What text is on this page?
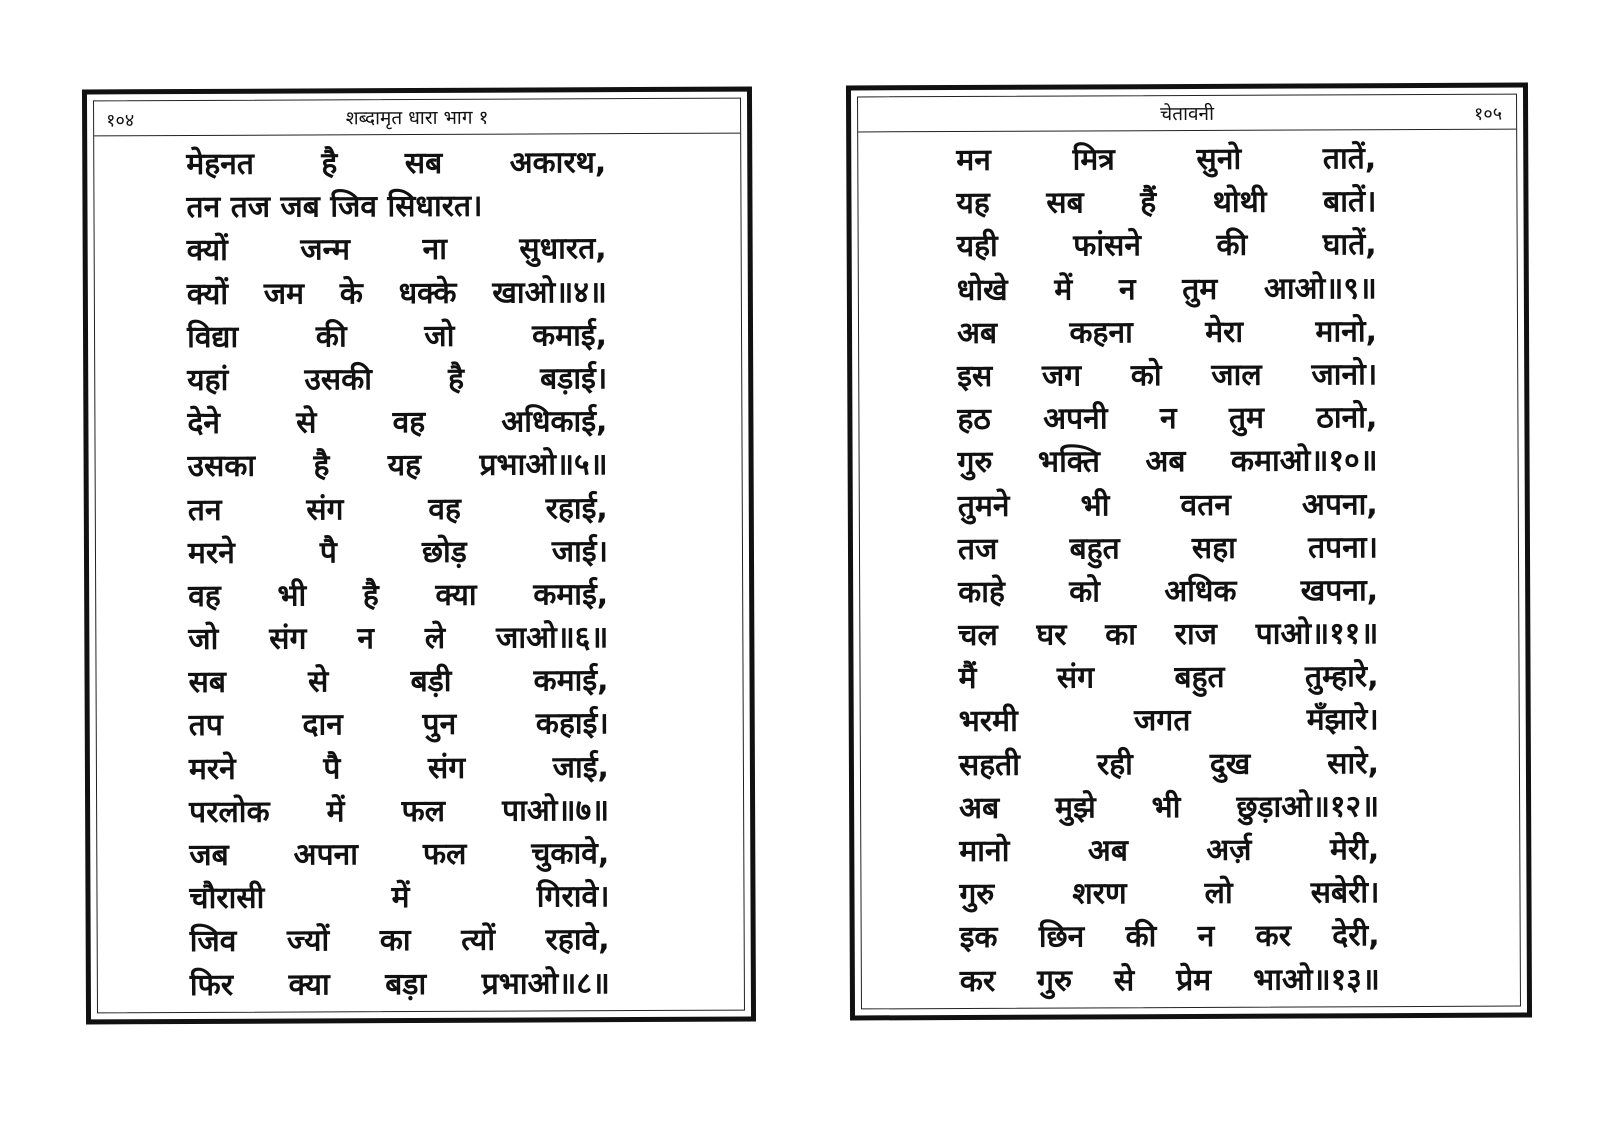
१०४	शब्दामृत धारा भाग १
मेहनत है सब अकारथ,
तन तज जब जिव सिधारत।
क्यों जन्म ना सुधारत,
क्यों जम के धक्के खाओ॥४॥
विद्या	की	जो	कमाई,
यहां	उसकी	है	बड़ाई।
देने	से	वह	अधिकाई,
उसका है यह प्रभाओ॥५॥
तन	संग	वह	रहाई,
मरने	पै	छोड़	जाई।
वह भी है क्या कमाई,
जो संग न ले जाओ॥६॥
सब	से	बड़ी	कमाई,
तप	दान	पुन	कहाई।
मरने	पै	संग	जाई,
परलोक में फल पाओ॥७॥
जब अपना फल चुकावे,
चौरासी	में	गिरावे।
जिव ज्यों का त्यों रहावे,
फिर क्या बड़ा प्रभाओ॥८॥
चेतावनी	१०५
मन	मित्र	सुनो	तातें,
यह सब हैं थोथी बातें।
यही	फांसने	की	घातें,
धोखे में न तुम आओ॥९॥
अब कहना मेरा मानो,
इस जग को जाल जानो।
हठ अपनी न तुम ठानो,
गुरु भक्ति अब कमाओ॥१०॥
तुमने भी वतन अपना,
तज बहुत सहा तपना।
काहे को अधिक खपना,
चल घर का राज पाओ॥११॥
मैं	संग	बहुत	तुम्हारे,
भरमी	जगत	मँझारे।
सहती	रही	दुख	सारे,
अब मुझे भी छुड़ाओ॥१२॥
मानो	अब	अर्ज़	मेरी,
गुरु	शरण	लो	सबेरी।
इक छिन की न कर देरी,
कर गुरु से प्रेम भाओ॥१३॥
